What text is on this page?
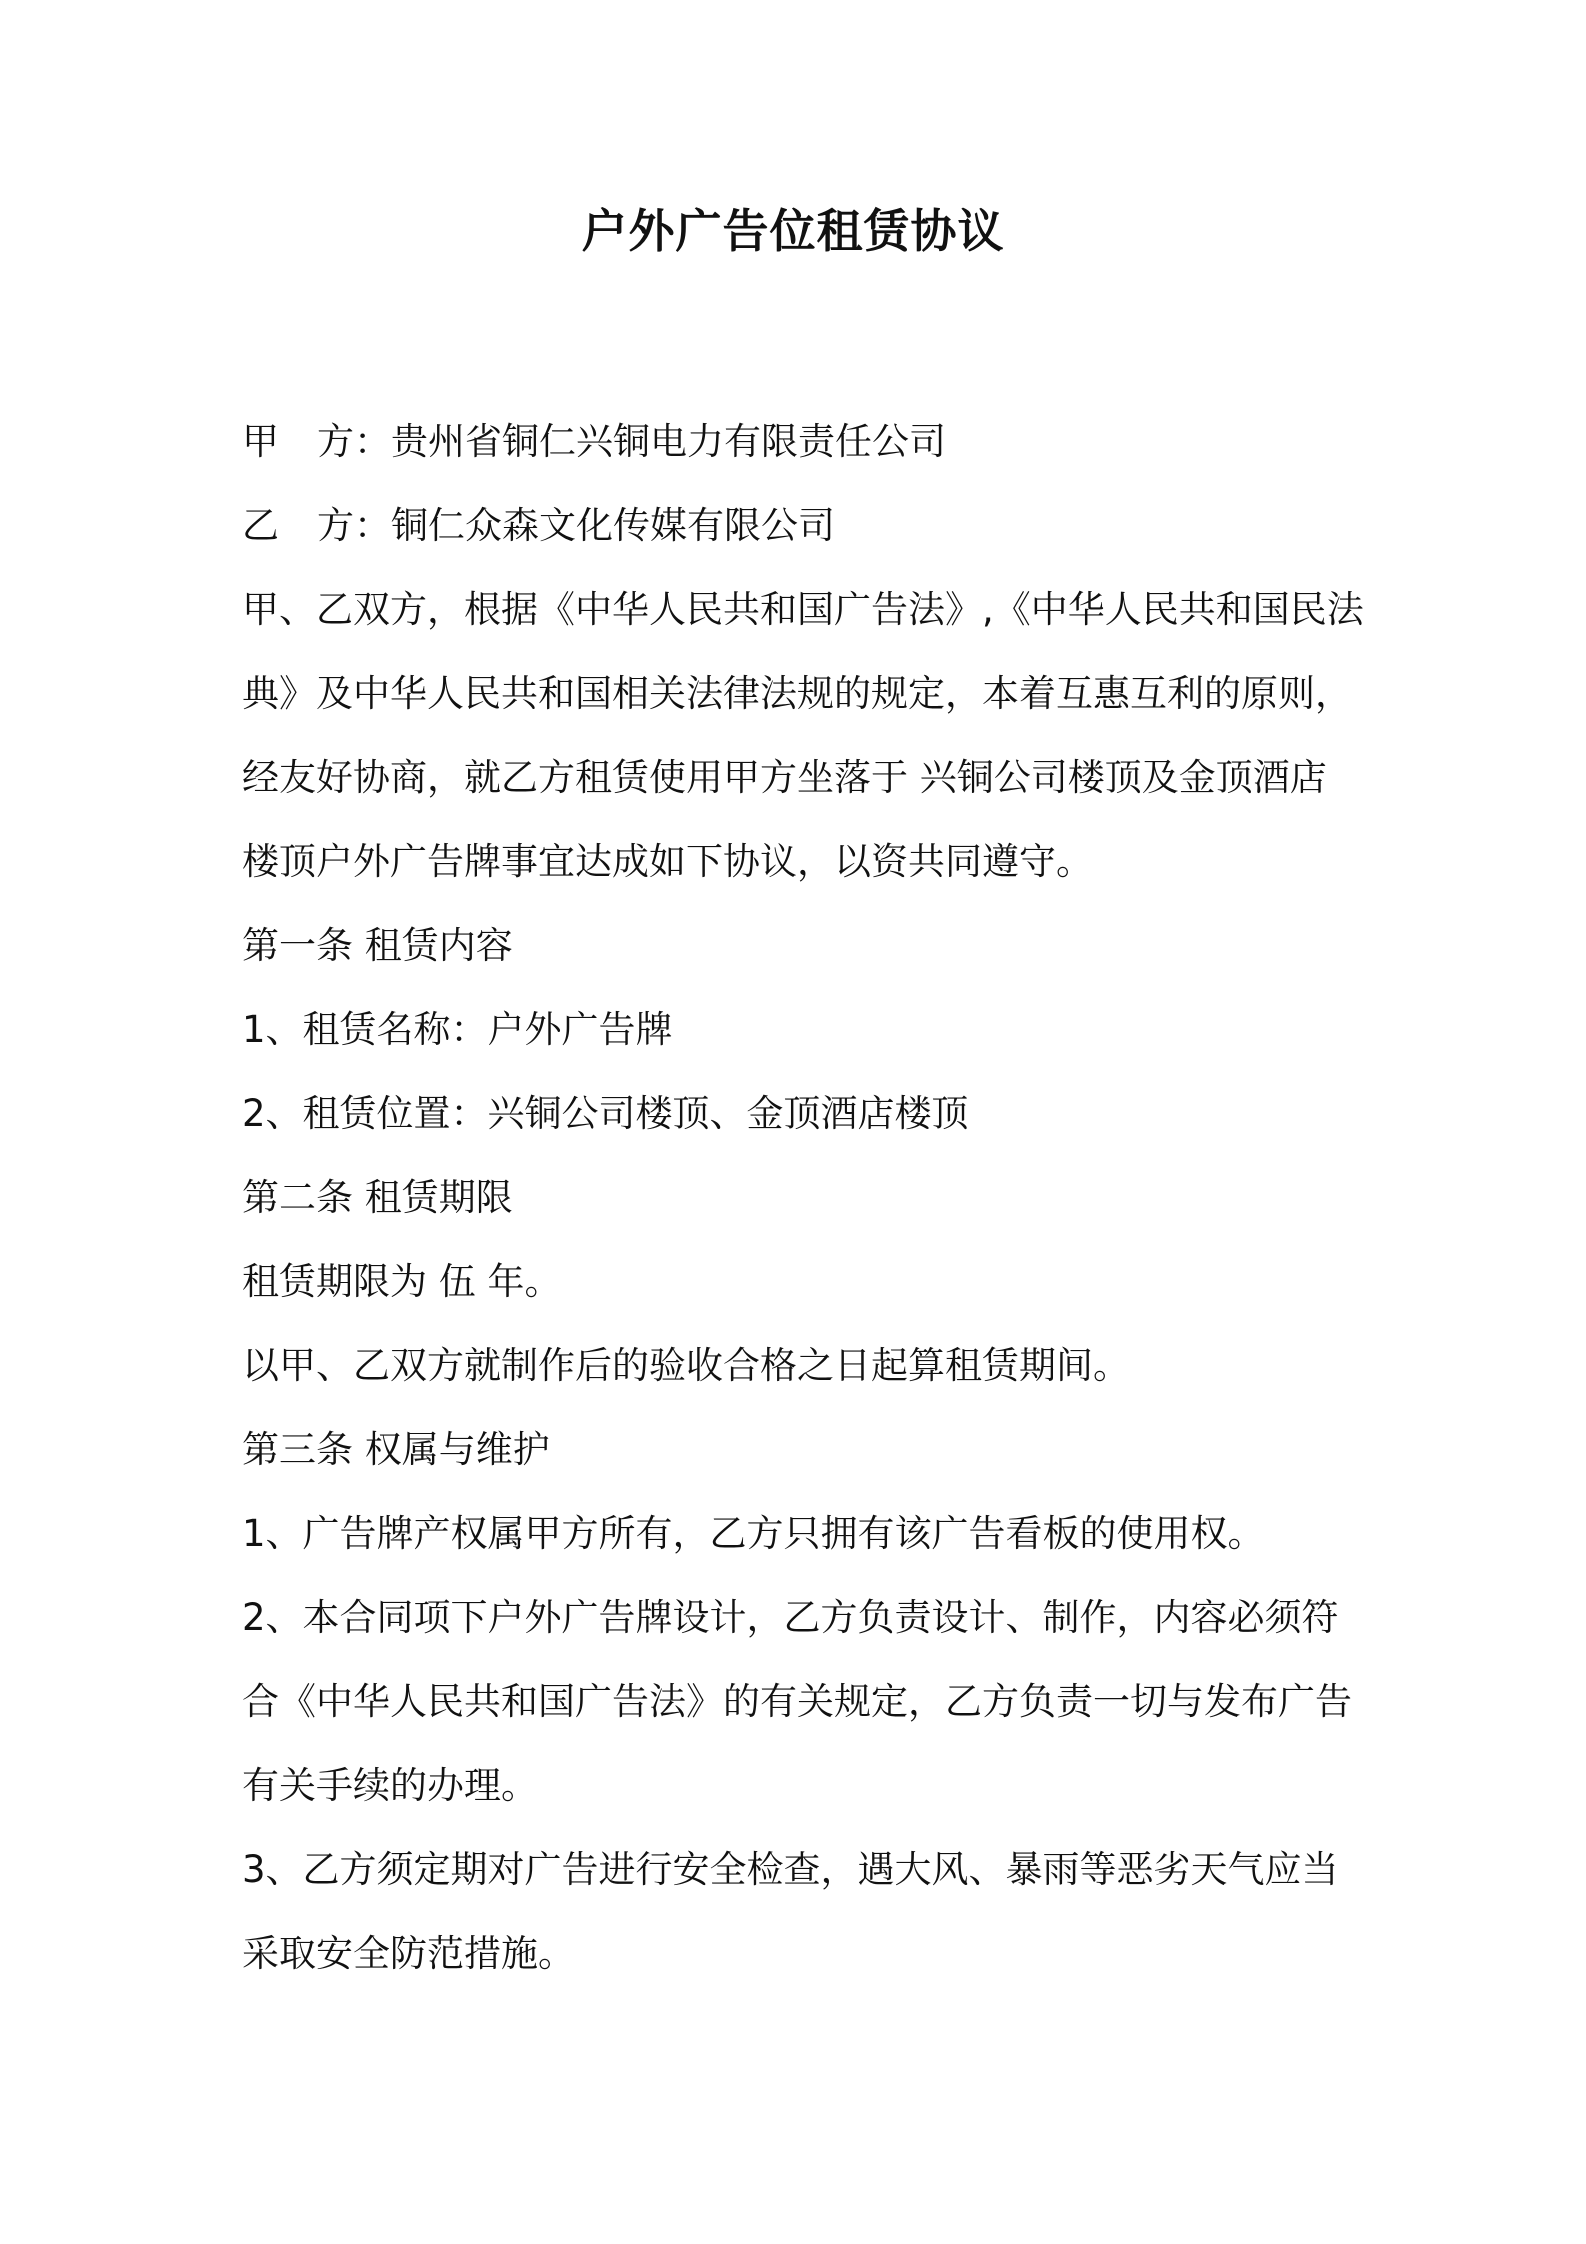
户外广告位租赁协议
甲 方：贵州省铜仁兴铜电力有限责任公司
乙 方：铜仁众森文化传媒有限公司
甲、乙双方，根据《中华人民共和国广告法》,《中华人民共和国民法
典》及中华人民共和国相关法律法规的规定，本着互惠互利的原则，
经友好协商，就乙方租赁使用甲方坐落于 兴铜公司楼顶及金顶酒店
楼顶户外广告牌事宜达成如下协议，以资共同遵守。
第一条 租赁内容
1、租赁名称：户外广告牌
2、租赁位置：兴铜公司楼顶、金顶酒店楼顶
第二条 租赁期限
租赁期限为 伍 年。
以甲、乙双方就制作后的验收合格之日起算租赁期间。
第三条 权属与维护
1、广告牌产权属甲方所有，乙方只拥有该广告看板的使用权。
2、本合同项下户外广告牌设计，乙方负责设计、制作，内容必须符
合《中华人民共和国广告法》的有关规定，乙方负责一切与发布广告
有关手续的办理。
3、乙方须定期对广告进行安全检查，遇大风、暴雨等恶劣天气应当
采取安全防范措施。
